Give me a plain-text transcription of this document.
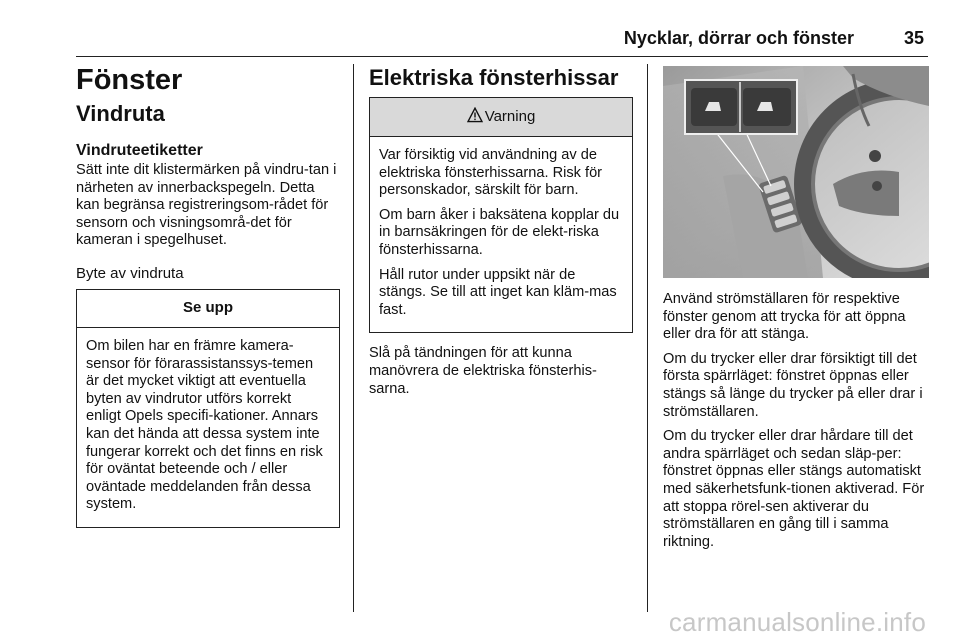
Nycklar, dörrar och fönster	35
Fönster
Vindruta
Vindruteetiketter

Sätt inte dit klistermärken på vindru-tan i närheten av innerbackspegeln. Detta kan begränsa registreringsom-rådet för sensorn och visningsområ-det för kameran i spegelhuset.

Byte av vindruta
Se upp

Om bilen har en främre kamera-sensor för förarassistanssys-temen är det mycket viktigt att eventuella byten av vindrutor utförs korrekt enligt Opels specifi-kationer. Annars kan det hända att dessa system inte fungerar korrekt och det finns en risk för oväntat beteende och / eller oväntade meddelanden från dessa system.

Elektriska fönsterhissar
Varning

Var försiktig vid användning av de elektriska fönsterhissarna. Risk för personskador, särskilt för barn.

Om barn åker i baksätena kopplar du in barnsäkringen för de elekt-riska fönsterhissarna.

Håll rutor under uppsikt när de stängs. Se till att inget kan kläm-mas fast.

Slå på tändningen för att kunna manövrera de elektriska fönsterhis-sarna.

Använd strömställaren för respektive fönster genom att trycka för att öppna eller dra för att stänga.

Om du trycker eller drar försiktigt till det första spärrläget: fönstret öppnas eller stängs så länge du trycker på eller drar i strömställaren.

Om du trycker eller drar hårdare till det andra spärrläget och sedan släp-per: fönstret öppnas eller stängs automatiskt med säkerhetsfunk-tionen aktiverad. För att stoppa rörel-sen aktiverar du strömställaren en gång till i samma riktning.

carmanualsonline.info
